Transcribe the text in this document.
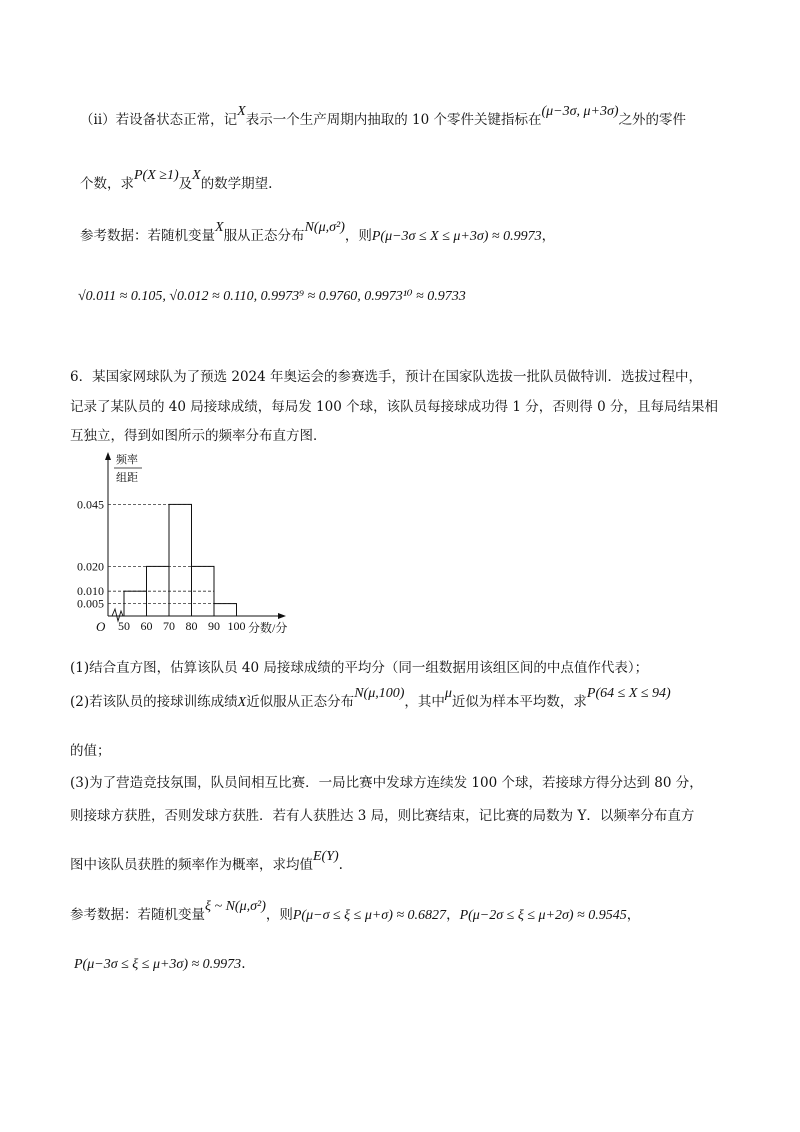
（ii）若设备状态正常，记X表示一个生产周期内抽取的 10 个零件关键指标在(μ−3σ, μ+3σ)之外的零件
个数，求P(X ≥1)及X的数学期望.
参考数据：若随机变量X服从正态分布N(μ,σ²)，则P(μ−3σ ≤ X ≤ μ+3σ) ≈ 0.9973，
√0.011 ≈ 0.105, √0.012 ≈ 0.110, 0.9973⁹ ≈ 0.9760, 0.9973¹⁰ ≈ 0.9733
6．某国家网球队为了预选 2024 年奥运会的参赛选手，预计在国家队选拔一批队员做特训．选拔过程中，
记录了某队员的 40 局接球成绩，每局发 100 个球，该队员每接球成功得 1 分，否则得 0 分，且每局结果相
互独立，得到如图所示的频率分布直方图．
频率
组距
O	分数/分
0.045
0.020
0.010
0.005
50 60 70 80 90 100
(1)结合直方图，估算该队员 40 局接球成绩的平均分（同一组数据用该组区间的中点值作代表）；
(2)若该队员的接球训练成绩X近似服从正态分布N(μ,100)，其中μ近似为样本平均数，求P(64 ≤ X ≤ 94)
的值；
(3)为了营造竞技氛围，队员间相互比赛．一局比赛中发球方连续发 100 个球，若接球方得分达到 80 分，
则接球方获胜，否则发球方获胜．若有人获胜达 3 局，则比赛结束，记比赛的局数为 Y．以频率分布直方
图中该队员获胜的频率作为概率，求均值E(Y).
参考数据：若随机变量ξ ~ N(μ,σ²)，则P(μ−σ ≤ ξ ≤ μ+σ) ≈ 0.6827，P(μ−2σ ≤ ξ ≤ μ+2σ) ≈ 0.9545，
P(μ−3σ ≤ ξ ≤ μ+3σ) ≈ 0.9973.
